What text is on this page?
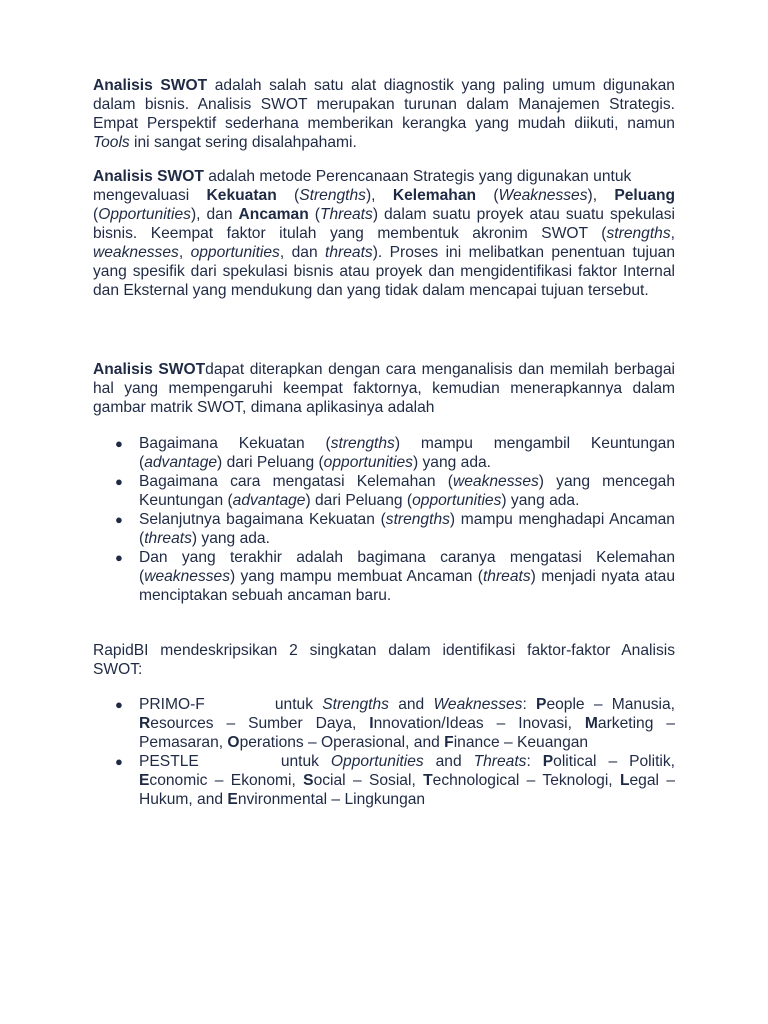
Analisis SWOT adalah salah satu alat diagnostik yang paling umum digunakan dalam bisnis. Analisis SWOT merupakan turunan dalam Manajemen Strategis. Empat Perspektif sederhana memberikan kerangka yang mudah diikuti, namun Tools ini sangat sering disalahpahami.

Analisis SWOT adalah metode Perencanaan Strategis yang digunakan untuk
mengevaluasi Kekuatan (Strengths), Kelemahan (Weaknesses), Peluang (Opportunities), dan Ancaman (Threats) dalam suatu proyek atau suatu spekulasi bisnis. Keempat faktor itulah yang membentuk akronim SWOT (strengths, weaknesses, opportunities, dan threats). Proses ini melibatkan penentuan tujuan yang spesifik dari spekulasi bisnis atau proyek dan mengidentifikasi faktor Internal dan Eksternal yang mendukung dan yang tidak dalam mencapai tujuan tersebut.

Analisis SWOTdapat diterapkan dengan cara menganalisis dan memilah berbagai hal yang mempengaruhi keempat faktornya, kemudian menerapkannya dalam gambar matrik SWOT, dimana aplikasinya adalah

● Bagaimana Kekuatan (strengths) mampu mengambil Keuntungan (advantage) dari Peluang (opportunities) yang ada.
● Bagaimana cara mengatasi Kelemahan (weaknesses) yang mencegah Keuntungan (advantage) dari Peluang (opportunities) yang ada.
● Selanjutnya bagaimana Kekuatan (strengths) mampu menghadapi Ancaman (threats) yang ada.
● Dan yang terakhir adalah bagimana caranya mengatasi Kelemahan (weaknesses) yang mampu membuat Ancaman (threats) menjadi nyata atau menciptakan sebuah ancaman baru.

RapidBI mendeskripsikan 2 singkatan dalam identifikasi faktor-faktor Analisis SWOT:

● PRIMO-F	untuk Strengths and Weaknesses: People – Manusia, Resources – Sumber Daya, Innovation/Ideas – Inovasi, Marketing – Pemasaran, Operations – Operasional, and Finance – Keuangan
● PESTLE	untuk Opportunities and Threats: Political – Politik, Economic – Ekonomi, Social – Sosial, Technological – Teknologi, Legal – Hukum, and Environmental – Lingkungan
